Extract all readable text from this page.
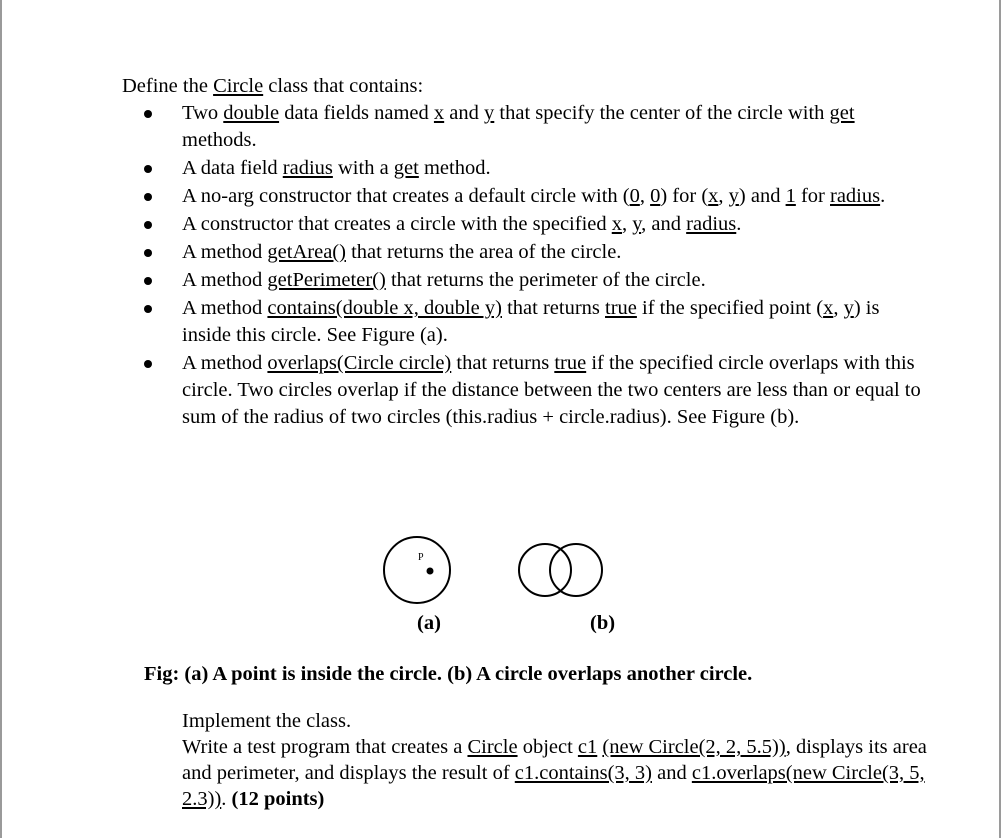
Define the Circle class that contains:
Two double data fields named x and y that specify the center of the circle with get methods.
A data field radius with a get method.
A no-arg constructor that creates a default circle with (0, 0) for (x, y) and 1 for radius.
A constructor that creates a circle with the specified x, y, and radius.
A method getArea() that returns the area of the circle.
A method getPerimeter() that returns the perimeter of the circle.
A method contains(double x, double y) that returns true if the specified point (x, y) is inside this circle. See Figure (a).
A method overlaps(Circle circle) that returns true if the specified circle overlaps with this circle. Two circles overlap if the distance between the two centers are less than or equal to sum of the radius of two circles (this.radius + circle.radius). See Figure (b).
P
(a)	(b)
Fig: (a) A point is inside the circle. (b) A circle overlaps another circle.

Implement the class.

Write a test program that creates a Circle object c1 (new Circle(2, 2, 5.5)), displays its area and perimeter, and displays the result of c1.contains(3, 3) and c1.overlaps(new Circle(3, 5, 2.3)). (12 points)
